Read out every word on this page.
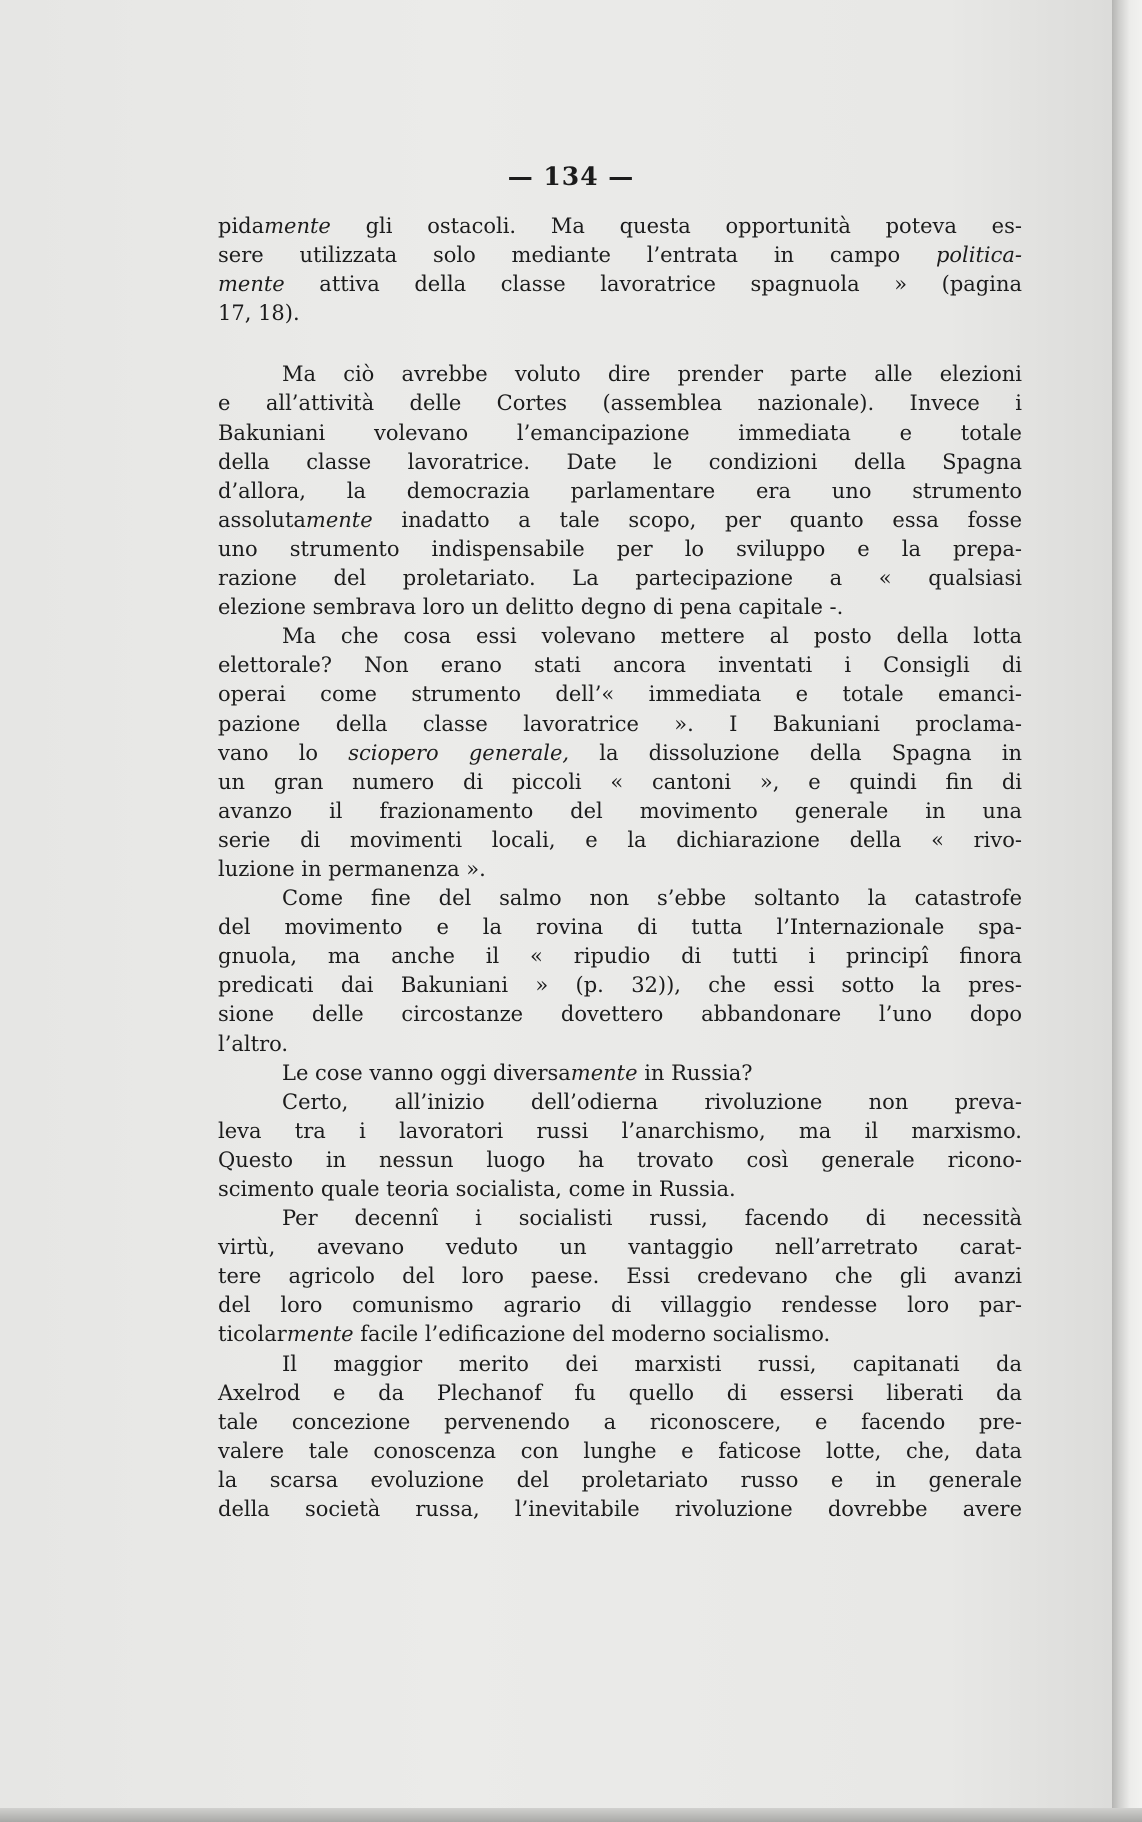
— 134 —
pidamente gli ostacoli. Ma questa opportunità poteva es-
sere utilizzata solo mediante l’entrata in campo politica-
mente attiva della classe lavoratrice spagnuola » (pagina
17, 18).
Ma ciò avrebbe voluto dire prender parte alle elezioni
e all’attività delle Cortes (assemblea nazionale). Invece i
Bakuniani volevano l’emancipazione immediata e totale
della classe lavoratrice. Date le condizioni della Spagna
d’allora, la democrazia parlamentare era uno strumento
assolutamente inadatto a tale scopo, per quanto essa fosse
uno strumento indispensabile per lo sviluppo e la prepa-
razione del proletariato. La partecipazione a « qualsiasi
elezione sembrava loro un delitto degno di pena capitale -.
Ma che cosa essi volevano mettere al posto della lotta
elettorale? Non erano stati ancora inventati i Consigli di
operai come strumento dell’« immediata e totale emanci-
pazione della classe lavoratrice ». I Bakuniani proclama-
vano lo sciopero generale, la dissoluzione della Spagna in
un gran numero di piccoli « cantoni », e quindi fin di
avanzo il frazionamento del movimento generale in una
serie di movimenti locali, e la dichiarazione della « rivo-
luzione in permanenza ».
Come fine del salmo non s’ebbe soltanto la catastrofe
del movimento e la rovina di tutta l’Internazionale spa-
gnuola, ma anche il « ripudio di tutti i principî finora
predicati dai Bakuniani » (p. 32)), che essi sotto la pres-
sione delle circostanze dovettero abbandonare l’uno dopo
l’altro.
Le cose vanno oggi diversamente in Russia?
Certo, all’inizio dell’odierna rivoluzione non preva-
leva tra i lavoratori russi l’anarchismo, ma il marxismo.
Questo in nessun luogo ha trovato così generale ricono-
scimento quale teoria socialista, come in Russia.
Per decennî i socialisti russi, facendo di necessità
virtù, avevano veduto un vantaggio nell’arretrato carat-
tere agricolo del loro paese. Essi credevano che gli avanzi
del loro comunismo agrario di villaggio rendesse loro par-
ticolarmente facile l’edificazione del moderno socialismo.
Il maggior merito dei marxisti russi, capitanati da
Axelrod e da Plechanof fu quello di essersi liberati da
tale concezione pervenendo a riconoscere, e facendo pre-
valere tale conoscenza con lunghe e faticose lotte, che, data
la scarsa evoluzione del proletariato russo e in generale
della società russa, l’inevitabile rivoluzione dovrebbe avere
